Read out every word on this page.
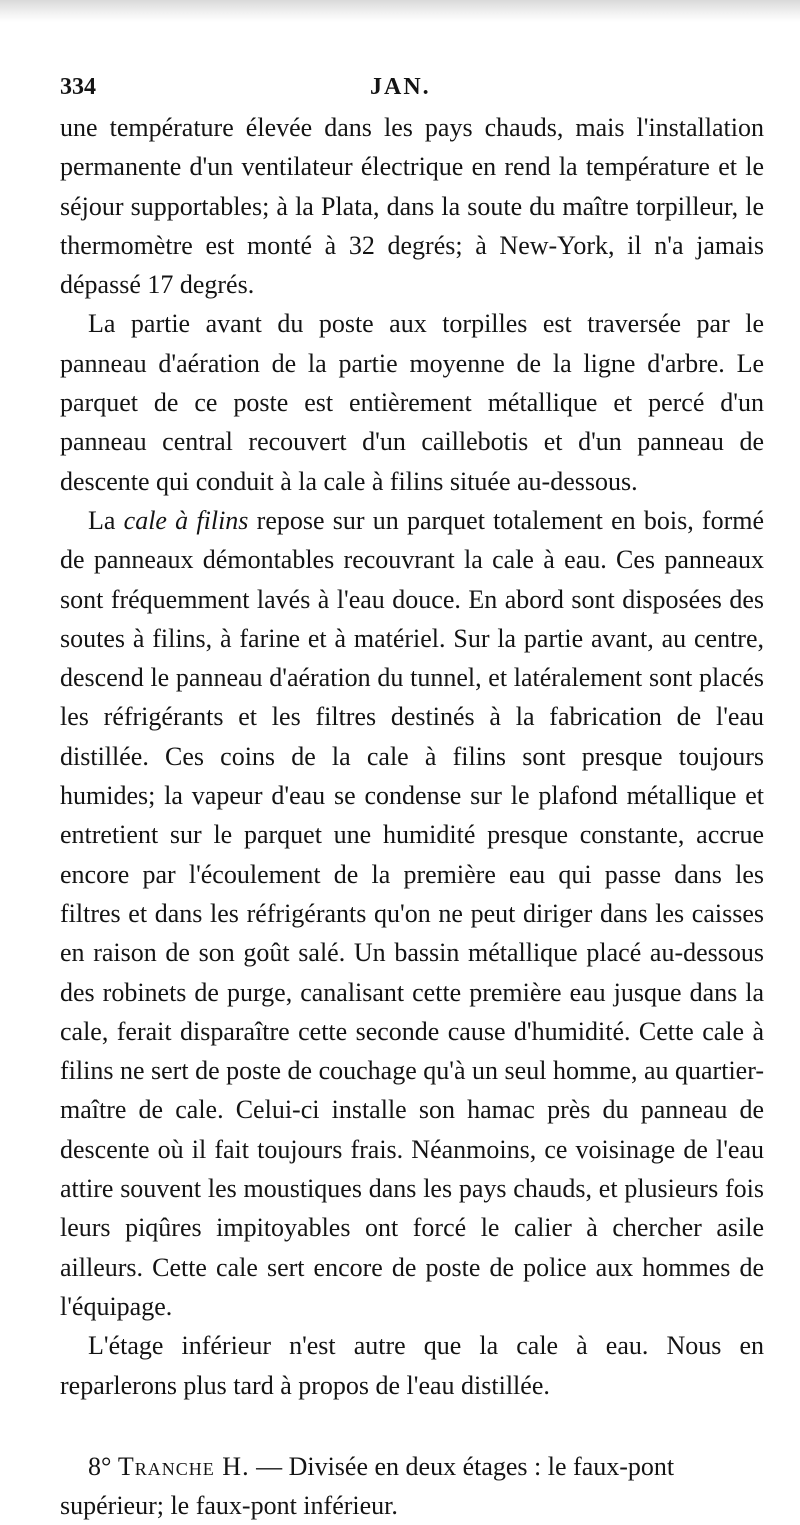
334	JAN.

une température élevée dans les pays chauds, mais l'installation permanente d'un ventilateur électrique en rend la température et le séjour supportables; à la Plata, dans la soute du maître torpilleur, le thermomètre est monté à 32 degrés; à New-York, il n'a jamais dépassé 17 degrés.

La partie avant du poste aux torpilles est traversée par le panneau d'aération de la partie moyenne de la ligne d'arbre. Le parquet de ce poste est entièrement métallique et percé d'un panneau central recouvert d'un caillebotis et d'un panneau de descente qui conduit à la cale à filins située au-dessous.

La cale à filins repose sur un parquet totalement en bois, formé de panneaux démontables recouvrant la cale à eau. Ces panneaux sont fréquemment lavés à l'eau douce. En abord sont disposées des soutes à filins, à farine et à matériel. Sur la partie avant, au centre, descend le panneau d'aération du tunnel, et latéralement sont placés les réfrigérants et les filtres destinés à la fabrication de l'eau distillée. Ces coins de la cale à filins sont presque toujours humides; la vapeur d'eau se condense sur le plafond métallique et entretient sur le parquet une humidité presque constante, accrue encore par l'écoulement de la première eau qui passe dans les filtres et dans les réfrigérants qu'on ne peut diriger dans les caisses en raison de son goût salé. Un bassin métallique placé au-dessous des robinets de purge, canalisant cette première eau jusque dans la cale, ferait disparaître cette seconde cause d'humidité. Cette cale à filins ne sert de poste de couchage qu'à un seul homme, au quartier-maître de cale. Celui-ci installe son hamac près du panneau de descente où il fait toujours frais. Néanmoins, ce voisinage de l'eau attire souvent les moustiques dans les pays chauds, et plusieurs fois leurs piqûres impitoyables ont forcé le calier à chercher asile ailleurs. Cette cale sert encore de poste de police aux hommes de l'équipage.

L'étage inférieur n'est autre que la cale à eau. Nous en reparlerons plus tard à propos de l'eau distillée.

8° Tranche H. — Divisée en deux étages : le faux-pont supérieur; le faux-pont inférieur.
